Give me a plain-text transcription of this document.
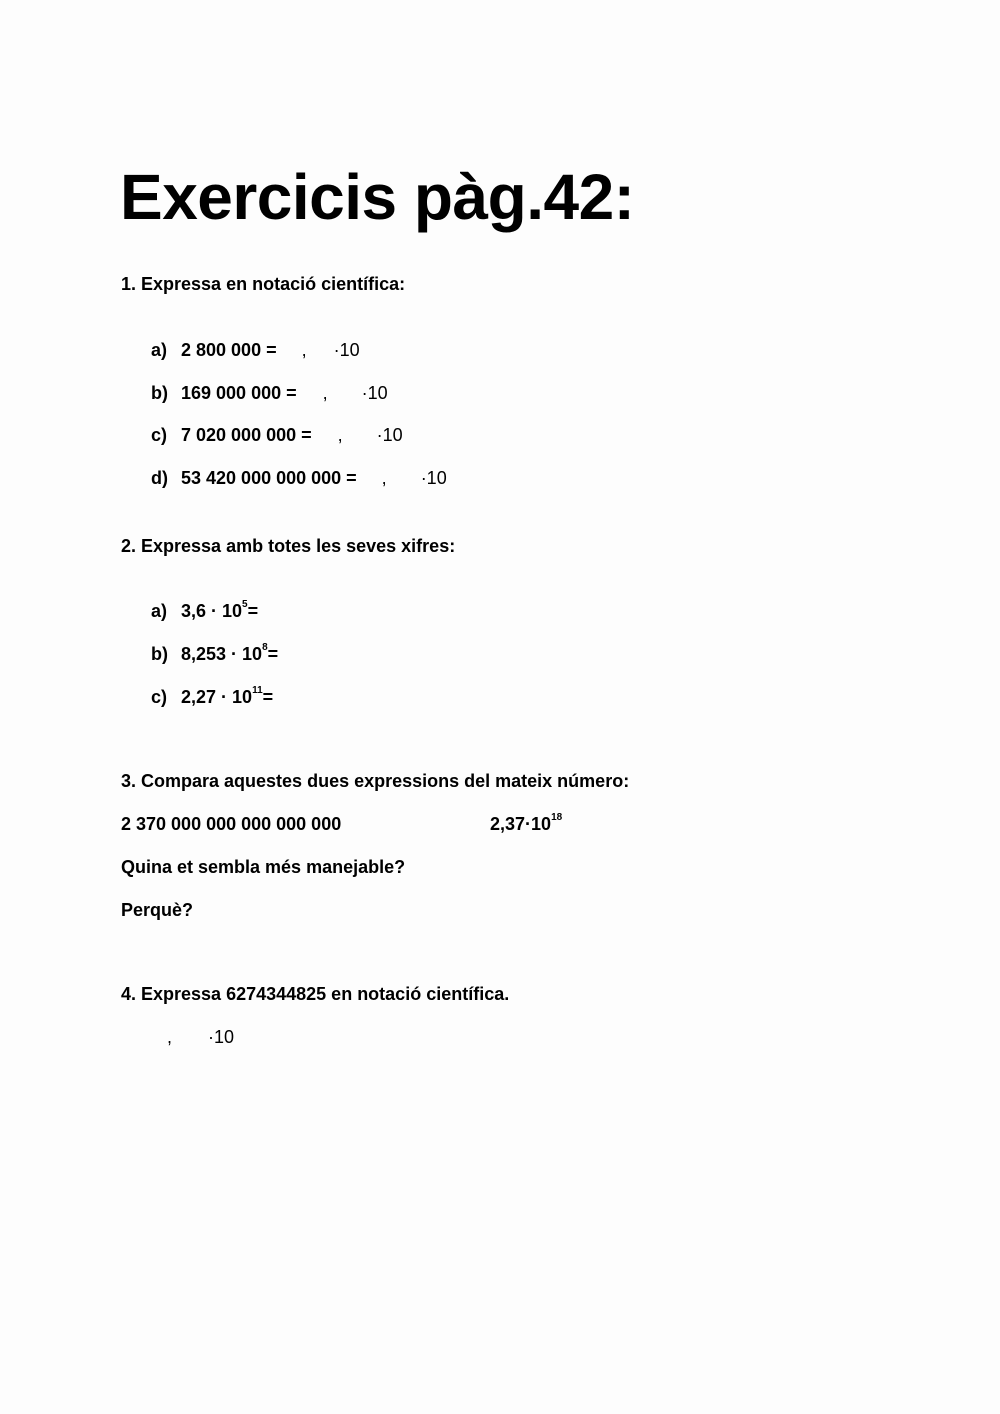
Exercicis pàg.42:
1. Expressa en notació científica:
a) 2 800 000 = , ·10
b) 169 000 000 = , ·10
c) 7 020 000 000 = , ·10
d) 53 420 000 000 000 = , ·10
2. Expressa amb totes les seves xifres:
a) $3,6 \cdot 10^5=$
b) $8,253 \cdot 10^8=$
c) $2,27 \cdot 10^{11}=$
3. Compara aquestes dues expressions del mateix número:
2 370 000 000 000 000 000	$2,37\cdot 10^{18}$
Quina et sembla més manejable?
Perquè?
4. Expressa 6274344825 en notació científica.
, ·10
